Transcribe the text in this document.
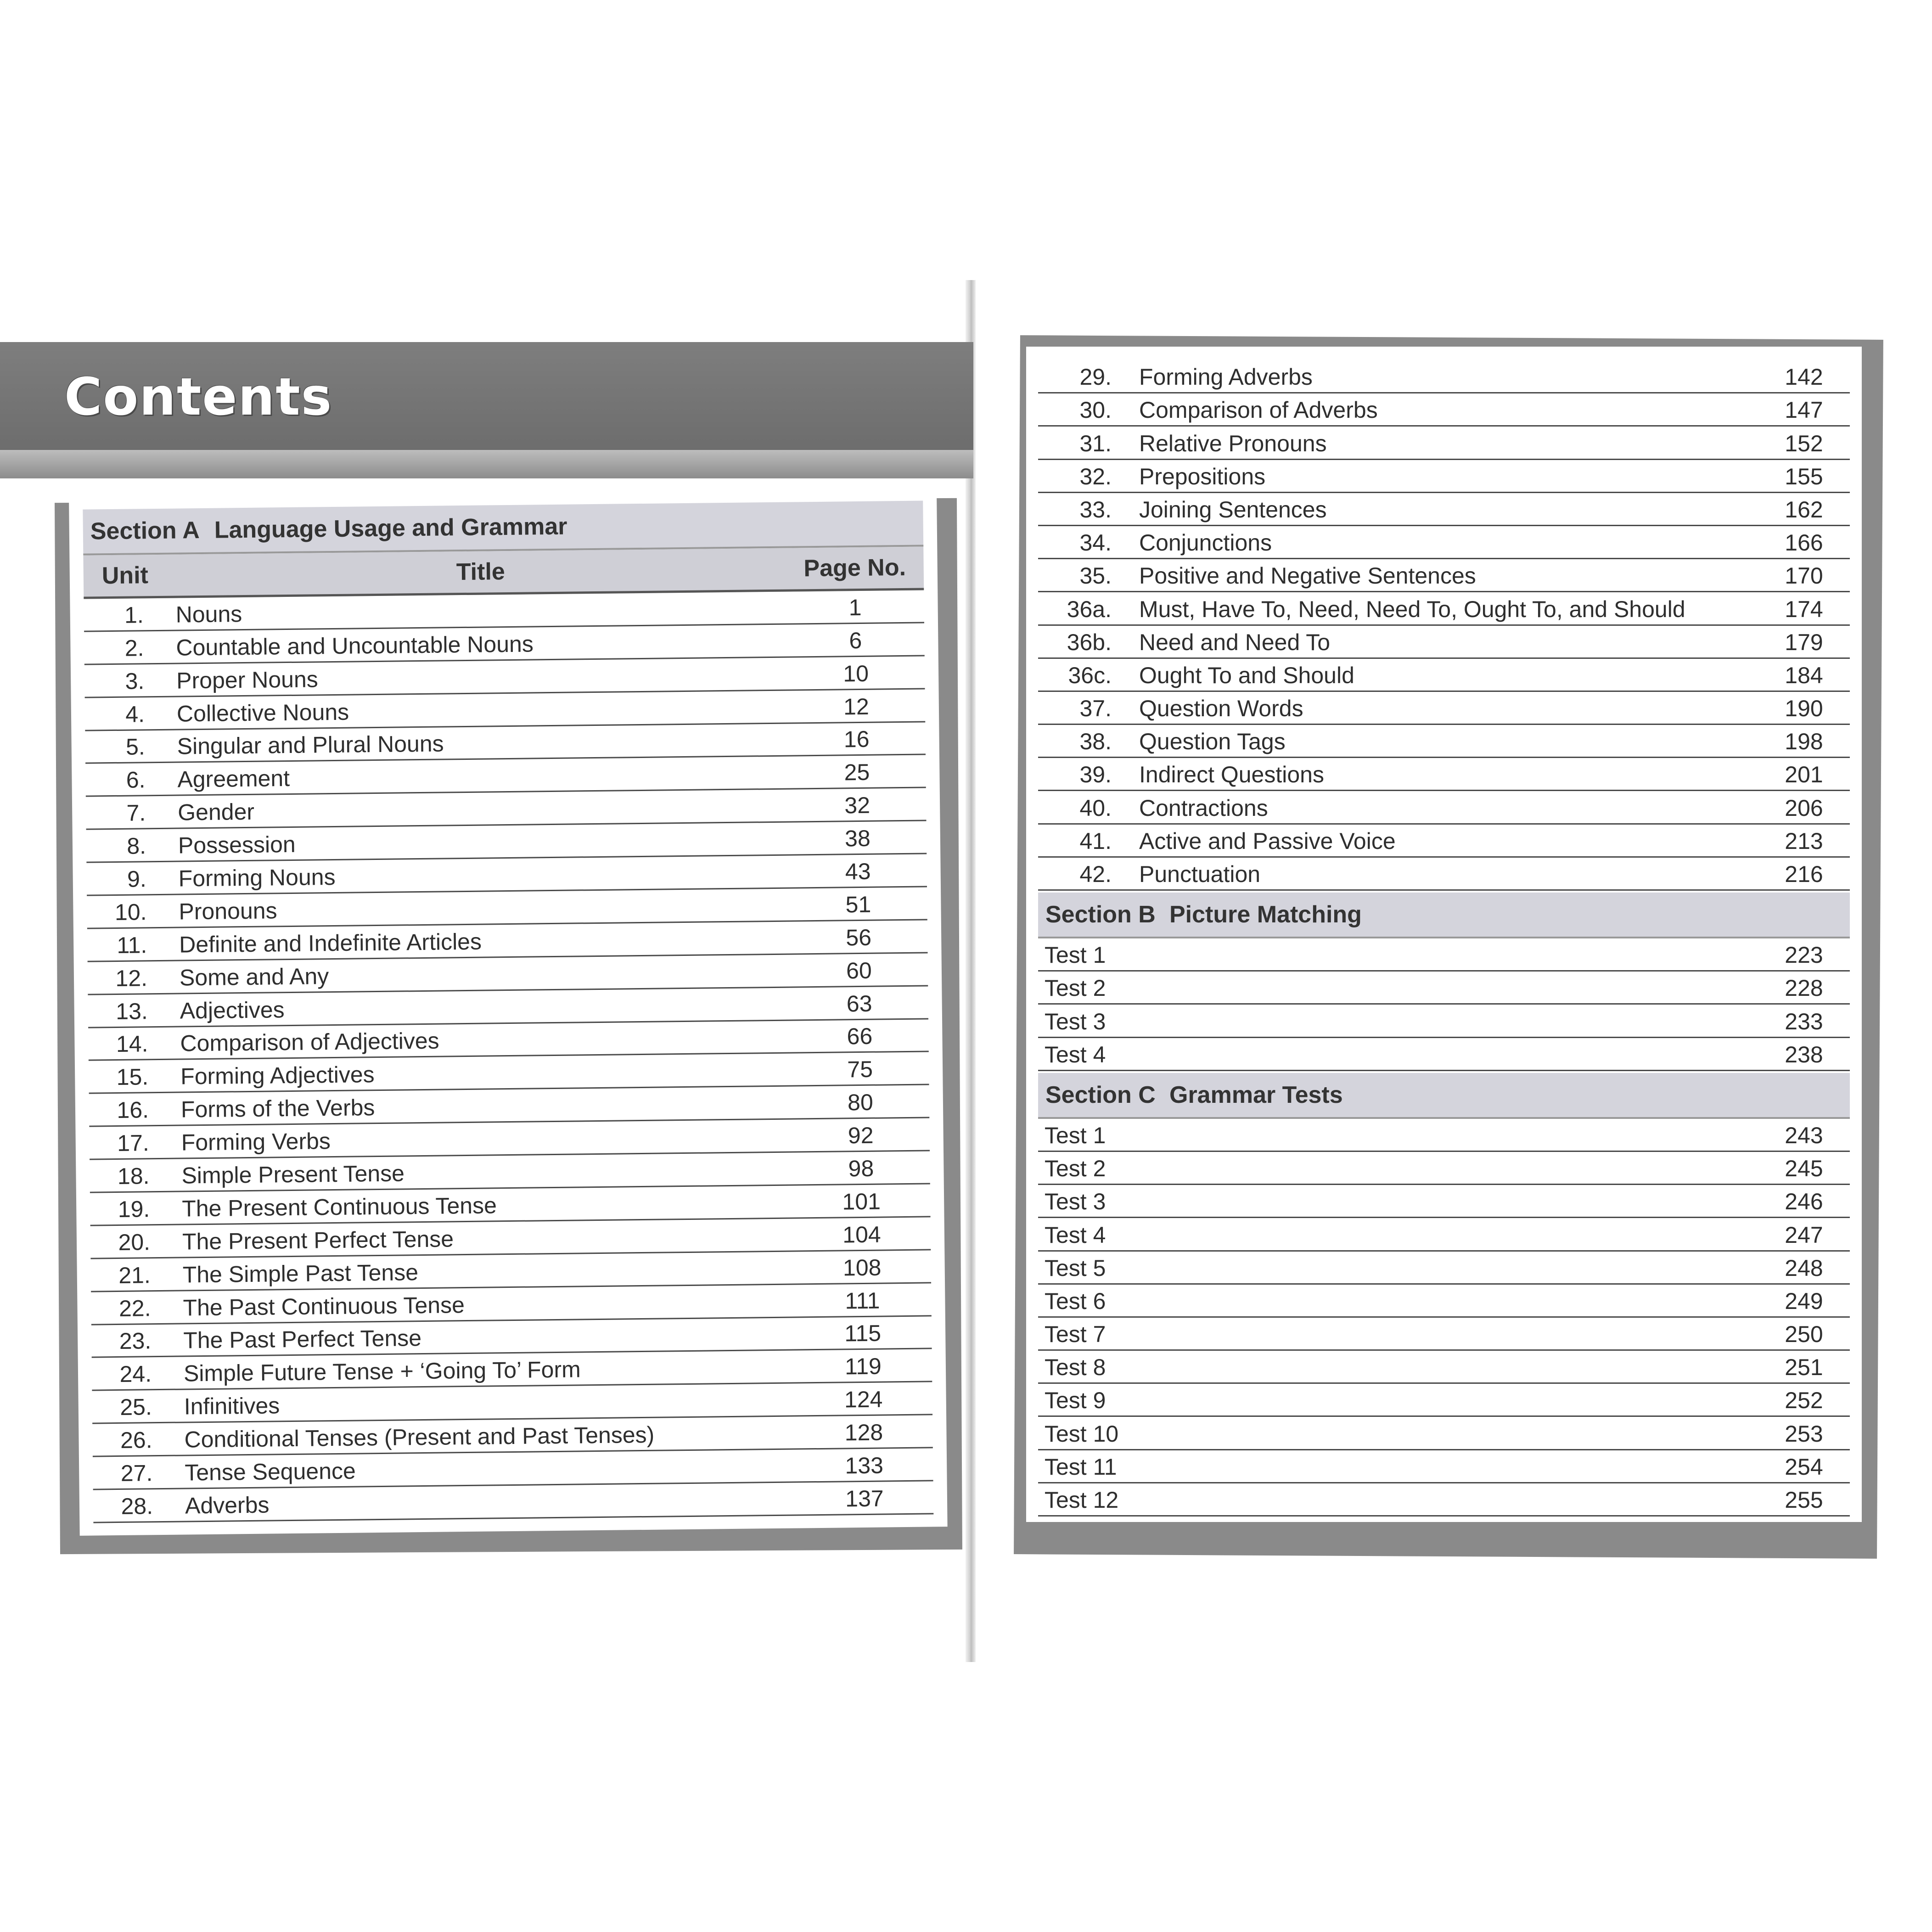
Contents
Section A Language Usage and Grammar
Unit	Title	Page No.
1.	Nouns	1
2.	Countable and Uncountable Nouns	6
3.	Proper Nouns	10
4.	Collective Nouns	12
5.	Singular and Plural Nouns	16
6.	Agreement	25
7.	Gender	32
8.	Possession	38
9.	Forming Nouns	43
10.	Pronouns	51
11.	Definite and Indefinite Articles	56
12.	Some and Any	60
13.	Adjectives	63
14.	Comparison of Adjectives	66
15.	Forming Adjectives	75
16.	Forms of the Verbs	80
17.	Forming Verbs	92
18.	Simple Present Tense	98
19.	The Present Continuous Tense	101
20.	The Present Perfect Tense	104
21.	The Simple Past Tense	108
22.	The Past Continuous Tense	111
23.	The Past Perfect Tense	115
24.	Simple Future Tense + ‘Going To’ Form	119
25.	Infinitives	124
26.	Conditional Tenses (Present and Past Tenses)	128
27.	Tense Sequence	133
28.	Adverbs	137
29.	Forming Adverbs	142
30.	Comparison of Adverbs	147
31.	Relative Pronouns	152
32.	Prepositions	155
33.	Joining Sentences	162
34.	Conjunctions	166
35.	Positive and Negative Sentences	170
36a.	Must, Have To, Need, Need To, Ought To, and Should	174
36b.	Need and Need To	179
36c.	Ought To and Should	184
37.	Question Words	190
38.	Question Tags	198
39.	Indirect Questions	201
40.	Contractions	206
41.	Active and Passive Voice	213
42.	Punctuation	216
Section B Picture Matching
Test 1	223
Test 2	228
Test 3	233
Test 4	238
Section C Grammar Tests
Test 1	243
Test 2	245
Test 3	246
Test 4	247
Test 5	248
Test 6	249
Test 7	250
Test 8	251
Test 9	252
Test 10	253
Test 11	254
Test 12	255
